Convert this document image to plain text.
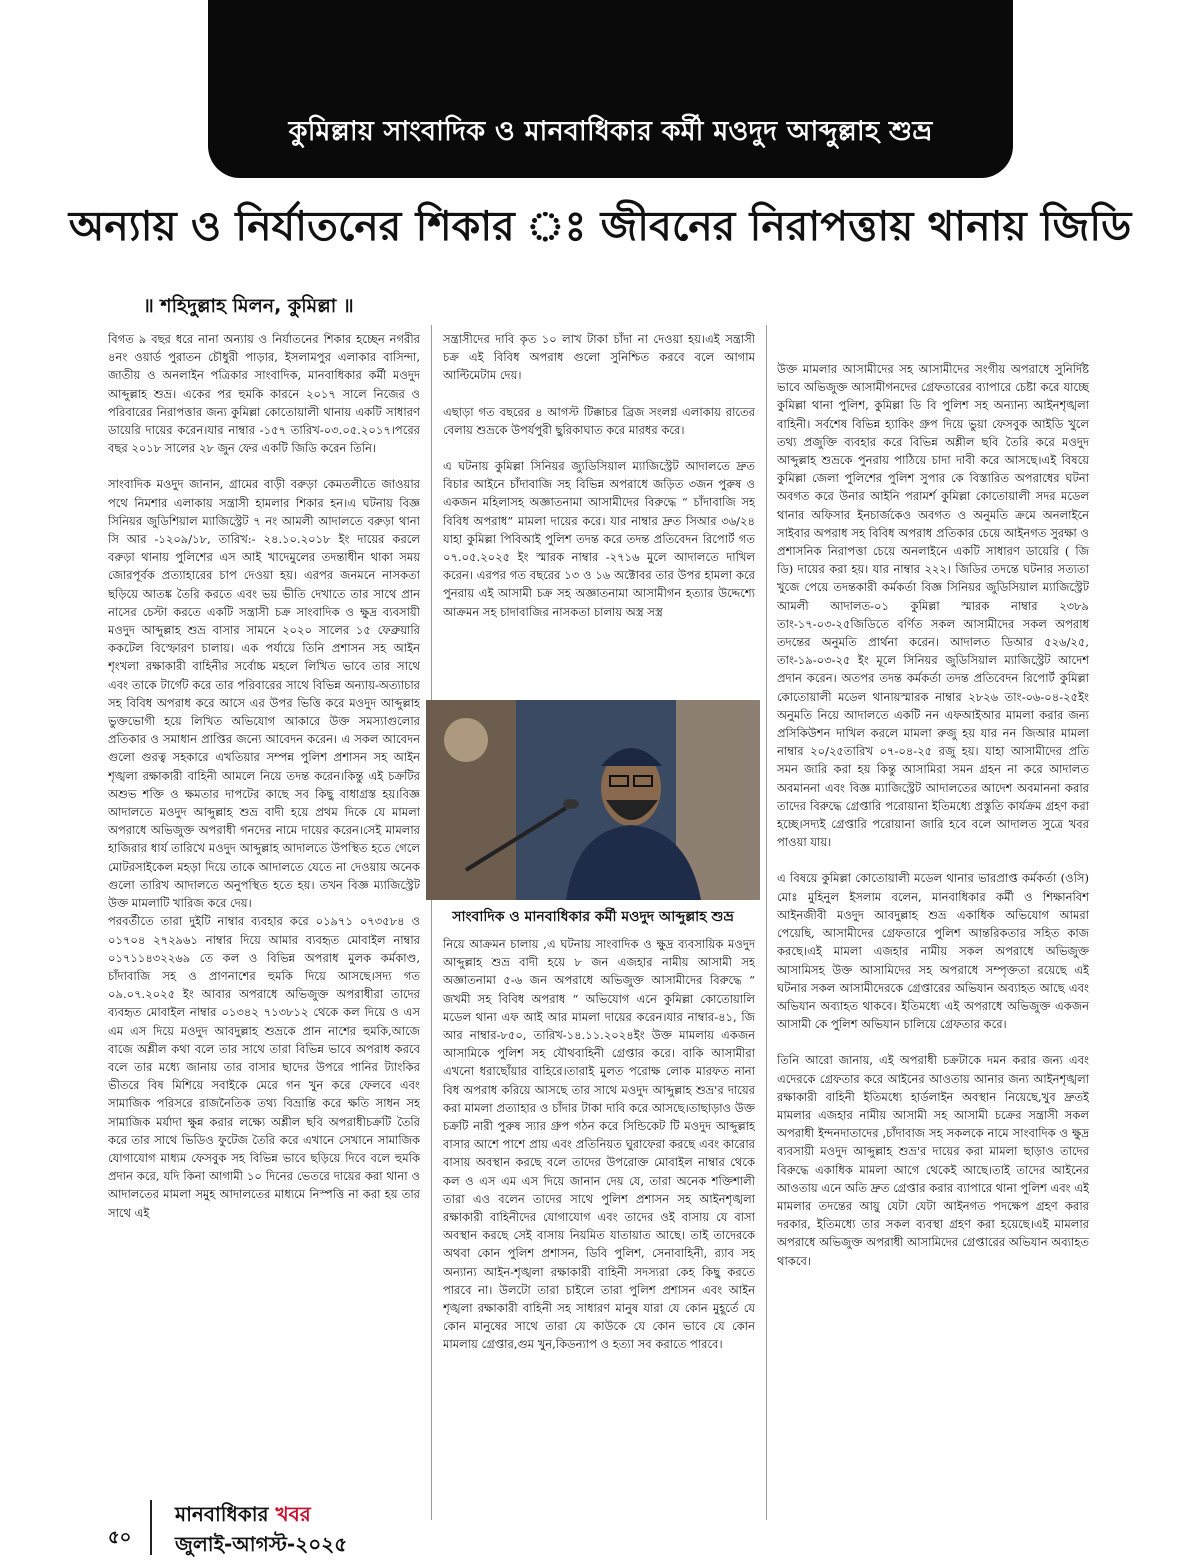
কুমিল্লায় সাংবাদিক ও মানবাধিকার কর্মী মওদুদ আব্দুল্লাহ শুভ্র
অন্যায় ও নির্যাতনের শিকার ঃ জীবনের নিরাপত্তায় থানায় জিডি
॥ শহিদুল্লাহ মিলন, কুমিল্লা ॥

বিগত ৯ বছর ধরে নানা অন্যায় ও নির্যাতনের শিকার হচ্ছেন নগরীর ৪নং ওয়ার্ড পুরাতন চৌধুরী পাড়ার, ইসলামপুর এলাকার বাসিন্দা, জাতীয় ও অনলাইন পত্রিকার সাংবাদিক, মানবাধিকার কর্মী মওদুদ আব্দুল্লাহ শুভ্র। একের পর হুমকি কারনে ২০১৭ সালে নিজের ও পরিবারের নিরাপত্তার জন্য কুমিল্লা কোতোয়ালী থানায় একটি সাধারণ ডায়েরি দায়ের করেন।যার নাম্বার -১৫৭ তারিখ-০৩.০৫.২০১৭।পরের বছর ২০১৮ সালের ২৮ জুন ফের একটি জিডি করেন তিনি।

সাংবাদিক মওদুদ জানান, গ্রামের বাড়ী বরুড়া কেমতলীতে জাওয়ার পথে নিমশার এলাকায় সন্ত্রাসী হামলার শিকার হন।এ ঘটনায় বিজ্ঞ সিনিয়র জুডিশিয়াল ম্যাজিস্ট্রেট ৭ নং আমলী আদালতে বরুড়া থানা সি আর -১২০৯/১৮, তারিখ:- ২৪.১০.২০১৮ ইং দায়ের করলে বরুড়া থানায় পুলিশের এস আই খাদেমুলের তদন্তাধীন থাকা সময় জোরপূর্বক প্রত্যাহারের চাপ দেওয়া হয়। এরপর জনমনে নাসকতা ছড়িয়ে আতঙ্ক তৈরি করতে এবং ভয় ভীতি দেখাতে তার সাথে প্রান নাসের চেস্টা করতে একটি সন্ত্রাসী চক্র সাংবাদিক ও ক্ষুদ্র ব্যবসায়ী মওদুদ আব্দুল্লাহ শুভ্র বাসার সামনে ২০২০ সালের ১৫ ফেব্রুয়ারি ককটেল বিস্ফোরণ চালায়। এক পর্যায়ে তিনি প্রশাসন সহ আইন শৃংখলা রক্ষাকারী বাহিনীর সর্বোচ্চ মহলে লিখিত ভাবে তার সাথে এবং তাকে টার্গেট করে তার পরিবারের সাথে বিভিন্ন অন্যায়-অত্যাচার সহ বিবিধ অপরাধ করে আসে এর উপর ভিত্তি করে মওদুদ আব্দুল্লাহ ভুক্তভোগী হয়ে লিখিত অভিযোগ আকারে উক্ত সমস্যাগুলোর প্রতিকার ও সমাধান প্রাপ্তির জন্যে আবেদন করেন। এ সকল আবেদন গুলো গুরত্ব সহকারে এখতিয়ার সম্পন্ন পুলিশ প্রশাসন সহ আইন শৃঙ্খলা রক্ষাকারী বাহিনী আমলে নিয়ে তদন্ত করেন।কিন্তু এই চক্রটির অশুভ শক্তি ও ক্ষমতার দাপটের কাছে সব কিছু বাধাগ্রস্ত হয়।বিজ্ঞ আদালতে মওদুদ আব্দুল্লাহ শুভ্র বাদী হয়ে প্রথম দিকে যে মামলা অপরাধে অভিজুক্ত অপরাধী গনদের নামে দায়ের করেন।সেই মামলার হাজিরার ধার্য তারিখে মওদুদ আব্দুল্লাহ আদালতে উপস্থিত হতে গেলে মোটরসাইকেল মহড়া দিয়ে তাকে আদালতে যেতে না দেওয়ায় অনেক গুলো তারিখ আদালতে অনুপস্থিত হতে হয়। তখন বিজ্ঞ ম্যাজিস্ট্রেট উক্ত মামলাটি খারিজ করে দেয়।

পরবর্তীতে তারা দুইটি নাম্বার ব্যবহার করে ০১৯৭১ ০৭৩৫৮৪ ও ০১৭০৪ ২৭২৯৬১ নাম্বার দিয়ে আমার ব্যবহৃত মোবাইল নাম্বার ০১৭১১৪৩২২৬৯ তে কল ও বিভিন্ন অপরাধ মুলক কর্মকাণ্ড, চাঁদাবাজি সহ ও প্রাণনাশের হুমকি দিয়ে আসছে।সদ্য গত ০৯.০৭.২০২৫ ইং আবার অপরাধে অভিজুক্ত অপরাধীরা তাদের ব্যবহৃত মোবাইল নাম্বার ০১৩৪২ ৭১৩৮১২ থেকে কল দিয়ে ও এস এম এস দিয়ে মওদুদ আবদুল্লাহ শুভ্রকে প্রান নাশের হুমকি,আজে বাজে অশ্লীল কথা বলে তার সাথে তারা বিভিন্ন ভাবে অপরাধ করবে বলে তার মধ্যে জানায় তার বাসার ছাদের উপরে পানির ট্যাংকির ভীতরে বিষ মিশিয়ে সবাইকে মেরে গন খুন করে ফেলবে এবং সামাজিক পরিসরে রাজনৈতিক তথ্য বিভ্রান্তি করে ক্ষতি সাধন সহ সামাজিক মর্যাদা ক্ষুন্ন করার লক্ষ্যে অশ্লীল ছবি অপরাধীচক্রটি তৈরি করে তার সাথে ভিডিও ফুটেজ তৈরি করে এখানে সেখানে সামাজিক যোগাযোগ মাধ্যম ফেসবুক সহ বিভিন্ন ভাবে ছড়িয়ে দিবে বলে হুমকি প্রদান করে, যদি কিনা আগামী ১০ দিনের ভেতরে দায়ের করা থানা ও আদালতের মামলা সমুহ আদালতের মাধ্যমে নিস্পত্তি না করা হয় তার সাথে এই

সন্ত্রাসীদের দাবি কৃত ১০ লাখ টাকা চাঁদা না দেওয়া হয়।এই সন্ত্রাসী চক্র এই বিবিধ অপরাধ গুলো সুনিশ্চিত করবে বলে আগাম আল্টিমেটাম দেয়।

এছাড়া গত বছরের ৪ আগস্ট টিক্কাচর ব্রিজ সংলগ্ন এলাকায় রাতের বেলায় শুভ্রকে উপর্যপুরী ছুরিকাঘাত করে মারধর করে।

এ ঘটনায় কুমিল্লা সিনিয়র জ্যুডিসিয়াল ম্যাজিস্ট্রেট আদালতে দ্রুত বিচার আইনে চাঁদাবাজি সহ বিভিন্ন অপরাধে জড়িত ৩জন পুরুষ ও একজন মহিলাসহ অজ্ঞাতনামা আসামীদের বিরুদ্ধে “ চাঁদাবাজি সহ বিবিধ অপরাধ” মামলা দায়ের করে। যার নাম্বার দ্রুত সিআর ৩৬/২৪ যাহা কুমিল্লা পিবিআই পুলিশ তদন্ত করে তদন্ত প্রতিবেদন রিপোর্ট গত ০৭.০৫.২০২৫ ইং স্মারক নাম্বার -২৭১৬ মুলে আদালতে দাখিল করেন। এরপর গত বছরের ১৩ ও ১৬ অক্টোবর তার উপর হামলা করে পুনরায় এই আসামী চক্র সহ অজ্ঞাতনামা আসামীগন হত্যার উদ্দেশ্যে আক্রমন সহ চাদাবাজির নাসকতা চালায় অস্ত্র সস্ত্র

সাংবাদিক ও মানবাধিকার কর্মী মওদুদ আব্দুল্লাহ শুভ্র

নিয়ে আক্রমন চালায় ,এ ঘটনায় সাংবাদিক ও ক্ষুদ্র ব্যবসায়িক মওদুদ আব্দুল্লাহ শুভ্র বাদী হয়ে ৮ জন এজহার নামীয় আসামী সহ অজ্ঞাতনামা ৫-৬ জন অপরাধে অভিজুক্ত আসামীদের বিরুদ্ধে “ জখমী সহ বিবিধ অপরাধ “ অভিযোগ এনে কুমিল্লা কোতোয়ালি মডেল থানা এফ আই আর মামলা দায়ের করেন।যার নাম্বার-৪১, জি আর নাম্বার-৮৫০, তারিখ-১৪.১১.২০২৪ইং উক্ত মামলায় একজন আসামিকে পুলিশ সহ যৌথবাহিনী গ্রেপ্তার করে। বাকি আসামীরা এখনো ধরাছোঁয়ার বাহিরে।তারাই মুলত পরোক্ষ লোক মারফত নানা বিধ অপরাধ করিয়ে আসছে তার সাথে মওদুদ আব্দুল্লাহ শুভ্র'র দায়ের করা মামলা প্রত্যাহার ও চাঁদার টাকা দাবি করে আসছে।তাছাড়াও উক্ত চক্রটি নারী পুরুষ স্যার গ্রুপ গঠন করে সিন্ডিকেট টি মওদুদ আব্দুল্লাহ বাসার আশে পাশে প্রায় এবং প্রতিনিয়ত ঘুরাফেরা করছে এবং কারোর বাসায় অবস্থান করছে বলে তাদের উপরোক্ত মোবাইল নাম্বার থেকে কল ও এস এম এস দিয়ে জানান দেয় যে, তারা অনেক শক্তিশালী তারা এও বলেন তাদের সাথে পুলিশ প্রশাসন সহ আইনশৃঙ্খলা রক্ষাকারী বাহিনীদের যোগাযোগ এবং তাদের ওই বাসায় যে বাসা অবস্থান করছে সেই বাসায় নিয়মিত যাতায়াত আছে। তাই তাদেরকে অথবা কোন পুলিশ প্রশাসন, ডিবি পুলিশ, সেনাবাহিনী, র‍্যাব সহ অন্যান্য আইন-শৃঙ্খলা রক্ষাকারী বাহিনী সদস্যরা কেহ কিছু করতে পারবে না। উলটো তারা চাইলে তারা পুলিশ প্রশাসন এবং আইন শৃঙ্খলা রক্ষাকারী বাহিনী সহ সাধারণ মানুষ যারা যে কোন মুহূর্তে যে কোন মানুষের সাথে তারা যে কাউকে যে কোন ভাবে যে কোন মামলায় গ্রেপ্তার,গুম খুন,কিডন্যাপ ও হত্যা সব করাতে পারবে।

উক্ত মামলার আসামীদের সহ আসামীদের সংগীয় অপরাধে সুনির্দিষ্ট ভাবে অভিজুক্ত আসামীগনদের গ্রেফতারের ব্যাপারে চেষ্টা করে যাচ্ছে কুমিল্লা থানা পুলিশ, কুমিল্লা ডি বি পুলিশ সহ অন্যান্য আইনশৃঙ্খলা বাহিনী। সর্বশেষ বিভিন্ন হ্যাকিং গ্রুপ দিয়ে ভুয়া ফেসবুক আইডি খুলে তথ্য প্রজুক্তি ব্যবহার করে বিভিন্ন অশ্লীল ছবি তৈরি করে মওদুদ আব্দুল্লাহ শুভ্রকে পুনরায় পাঠিয়ে চাদা দাবী করে আসছে।এই বিষয়ে কুমিল্লা জেলা পুলিশের পুলিশ সুপার কে বিস্তারিত অপরাধের ঘটনা অবগত করে উনার আইনি পরামর্শ কুমিল্লা কোতোয়ালী সদর মডেল থানার অফিসার ইনচার্জকেও অবগত ও অনুমতি ক্রমে অনলাইনে সাইবার অপরাধ সহ বিবিধ অপরাধ প্রতিকার চেয়ে আইনগত সুরক্ষা ও প্রশাসনিক নিরাপত্তা চেয়ে অনলাইনে একটি সাধারণ ডায়েরি ( জি ডি) দায়ের করা হয়। যার নাম্বার ২২২। জিডির তদন্তে ঘটনার সত্যতা খুজে পেয়ে তদন্তকারী কর্মকর্তা বিজ্ঞ সিনিয়র জুডিসিয়াল ম্যাজিস্ট্রেট আমলী আদালত-০১ কুমিল্লা স্মারক নাম্বার ২৩৮৯ তাং-১৭-০৩-২৫জিডিতে বর্ণিত সকল আসামীদের সকল অপরাধ তদন্তের অনুমতি প্রার্থনা করেন। আদালত ডিআর ৫২৬/২৫, তাং-১৯-০৩-২৫ ইং মূলে সিনিয়র জুডিসিয়াল ম্যাজিস্ট্রেট আদেশ প্রদান করেন। অতপর তদন্ত কর্মকর্তা তদন্ত প্রতিবেদন রিপোর্ট কুমিল্লা কোতোয়ালী মডেল থানায়স্মারক নাম্বার ২৮২৬ তাং-০৬-০৪-২৫ইং অনুমতি নিয়ে আদালতে একটি নন এফআইআর মামলা করার জন্য প্রসিকিউশন দাখিল করলে মামলা রুজু হয় যার নন জিআর মামলা নাম্বার ২০/২৫তারিখ ০৭-০৪-২৫ রজু হয়। যাহা আসামীদের প্রতি সমন জারি করা হয় কিন্তু আসামিরা সমন গ্রহন না করে আদালত অবমাননা এবং বিজ্ঞ ম্যাজিস্ট্রেট আদালতের আদেশ অবমাননা করার তাদের বিরুদ্ধে গ্রেপ্তারি পরোয়ানা ইতিমধ্যে প্রস্তুতি কার্যক্রম গ্রহণ করা হচ্ছে।সদ্যই গ্রেপ্তারি পরোয়ানা জারি হবে বলে আদালত সুত্রে খবর পাওয়া যায়।

এ বিষয়ে কুমিল্লা কোতোয়ালী মডেল থানার ভারপ্রাপ্ত কর্মকর্তা (ওসি) মোঃ মুহিনুল ইসলাম বলেন, মানবাধিকার কর্মী ও শিক্ষানবিশ আইনজীবী মওদুদ আবদুল্লাহ শুভ্র একাধিক অভিযোগ আমরা পেয়েছি, আসামীদের গ্রেফতারে পুলিশ আন্তরিকতার সহিত কাজ করছে।এই মামলা এজহার নামীয় সকল অপরাধে অভিজুক্ত আসামিসহ উক্ত আসামিদের সহ অপরাধে সম্পৃক্ততা রয়েছে এই ঘটনার সকল আসামীদেরকে গ্রেপ্তারের অভিযান অব্যাহত আছে এবং অভিযান অব্যাহত থাকবে। ইতিমধ্যে এই অপরাধে অভিজুক্ত একজন আসামী কে পুলিশ অভিযান চালিয়ে গ্রেফতার করে।

তিনি আরো জানায়, এই অপরাধী চক্রটাকে দমন করার জন্য এবং এদেরকে গ্রেফতার করে আইনের আওতায় আনার জন্য আইনশৃঙ্খলা রক্ষাকারী বাহিনী ইতিমধ্যে হার্ডলাইন অবস্থান নিয়েছে,খুব দ্রুতই মামলার এজহার নামীয় আসামী সহ আসামী চক্রের সন্ত্রাসী সকল অপরাধী ইন্দনদাতাদের ,চাঁদাবাজ সহ সকলকে নামে সাংবাদিক ও ক্ষুদ্র ব্যবসায়ী মওদুদ আব্দুল্লাহ শুভ্র'র দায়ের করা মামলা ছাড়াও তাদের বিরুদ্ধে একাধিক মামলা আগে থেকেই আছে।তাই তাদের আইনের আওতায় এনে অতি দ্রুত গ্রেপ্তার করার ব্যাপারে থানা পুলিশ এবং এই মামলার তদন্তের আয়ু যেটা যেটা আইনগত পদক্ষেপ গ্রহণ করার দরকার, ইতিমধ্যে তার সকল ব্যবস্থা গ্রহণ করা হয়েছে।এই মামলার অপরাধে অভিজুক্ত অপরাধী আসামিদের গ্রেপ্তারের অভিযান অব্যাহত থাকবে।

৫০
মানবাধিকার খবর
জুলাই-আগস্ট-২০২৫
